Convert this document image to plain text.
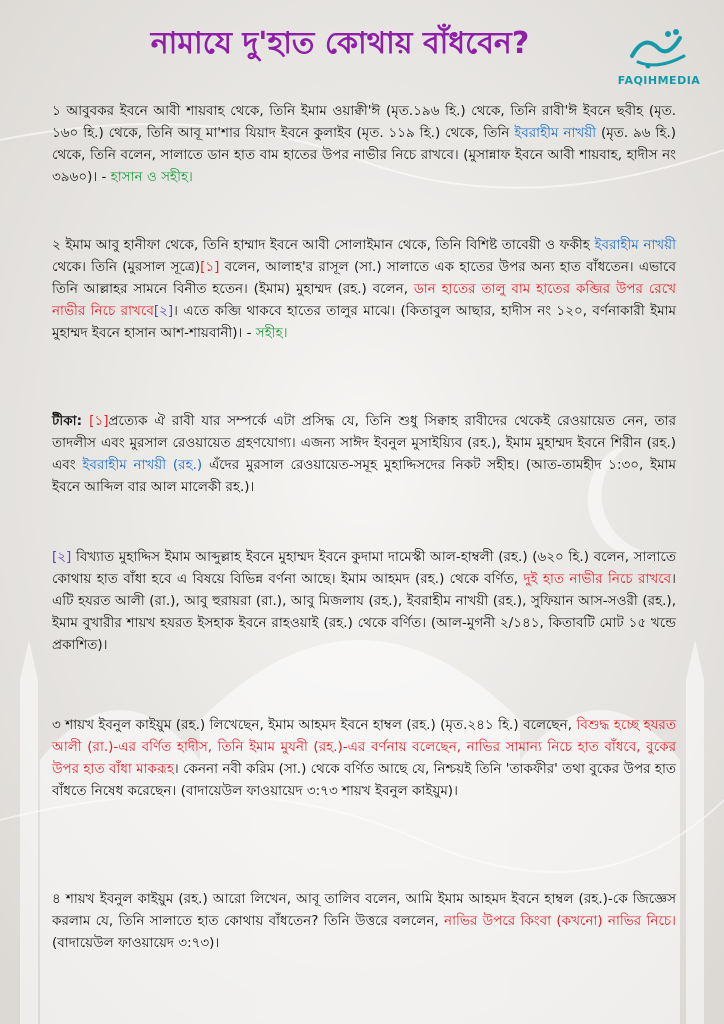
নামাযে দু'হাত কোথায় বাঁধবেন?
FAQIHMEDIA

১ আবুবকর ইবনে আবী শায়বাহ থেকে, তিনি ইমাম ওয়াক্বী'ঈ (মৃত.১৯৬ হি.) থেকে, তিনি রাবী'ঈ ইবনে ছবীহ (মৃত. ১৬০ হি.) থেকে, তিনি আবূ মা'শার যিয়াদ ইবনে কুলাইব (মৃত. ১১৯ হি.) থেকে, তিনি ইবরাহীম নাখয়ী (মৃত. ৯৬ হি.) থেকে, তিনি বলেন, সালাতে ডান হাত বাম হাতের উপর নাভীর নিচে রাখবে। (মুসান্নাফ ইবনে আবী শায়বাহ, হাদীস নং ৩৯৬০)। - হাসান ও সহীহ।

২ ইমাম আবু হানীফা থেকে, তিনি হাম্মাদ ইবনে আবী সোলাইমান থেকে, তিনি বিশিষ্ট তাবেয়ী ও ফকীহ ইবরাহীম নাখয়ী থেকে। তিনি (মুরসাল সূত্রে)[১] বলেন, আলাহ'র রাসূল (সা.) সালাতে এক হাতের উপর অন্য হাত বাঁধতেন। এভাবে তিনি আল্লাহর সামনে বিনীত হতেন। (ইমাম) মুহাম্মদ (রহ.) বলেন, ডান হাতের তালু বাম হাতের কব্জির উপর রেখে নাভীর নিচে রাখবে[২]। এতে কব্জি থাকবে হাতের তালুর মাঝে। (কিতাবুল আছার, হাদীস নং ১২০, বর্ণনাকারী ইমাম মুহাম্মদ ইবনে হাসান আশ-শায়বানী)। - সহীহ।

টীকা: [১]প্রত্যেক ঐ রাবী যার সম্পর্কে এটা প্রসিদ্ধ যে, তিনি শুধু সিক্বাহ রাবীদের থেকেই রেওয়ায়েত নেন, তার তাদলীস এবং মুরসাল রেওয়ায়েত গ্রহণযোগ্য। এজন্য সাঈদ ইবনুল মুসাইয়্যিব (রহ.), ইমাম মুহাম্মদ ইবনে শিরীন (রহ.) এবং ইবরাহীম নাখয়ী (রহ.) এঁদের মুরসাল রেওয়ায়েত-সমূহ মুহাদ্দিসদের নিকট সহীহ। (আত-তামহীদ ১:৩০, ইমাম ইবনে আব্দিল বার আল মালেকী রহ.)।

[২] বিখ্যাত মুহাদ্দিস ইমাম আব্দুল্লাহ ইবনে মুহাম্মদ ইবনে কুদামা দামেস্কী আল-হাম্বলী (রহ.) (৬২০ হি.) বলেন, সালাতে কোথায় হাত বাঁধা হবে এ বিষয়ে বিভিন্ন বর্ণনা আছে। ইমাম আহমদ (রহ.) থেকে বর্ণিত, দুই হাত নাভীর নিচে রাখবে। এটি হযরত আলী (রা.), আবু হুরায়রা (রা.), আবু মিজলায (রহ.), ইবরাহীম নাখয়ী (রহ.), সুফিয়ান আস-সওরী (রহ.), ইমাম বুখারীর শায়খ হযরত ইসহাক ইবনে রাহওয়াই (রহ.) থেকে বর্ণিত। (আল-মুগনী ২/১৪১, কিতাবটি মোট ১৫ খন্ডে প্রকাশিত)।

৩ শায়খ ইবনুল কাইয়ুম (রহ.) লিখেছেন, ইমাম আহমদ ইবনে হাম্বল (রহ.) (মৃত.২৪১ হি.) বলেছেন, বিশুদ্ধ হচ্ছে হযরত আলী (রা.)-এর বর্ণিত হাদীস, তিনি ইমাম মুযনী (রহ.)-এর বর্ণনায় বলেছেন, নাভির সামান্য নিচে হাত বাঁধবে, বুকের উপর হাত বাঁধা মাকরূহ। কেননা নবী করিম (সা.) থেকে বর্ণিত আছে যে, নিশ্চয়ই তিনি 'তাকফীর' তথা বুকের উপর হাত বাঁধতে নিষেধ করেছেন। (বাদায়েউল ফাওয়ায়েদ ৩:৭৩ শায়খ ইবনুল কাইয়ুম)।

৪ শায়খ ইবনুল কাইয়ুম (রহ.) আরো লিখেন, আবূ তালিব বলেন, আমি ইমাম আহমদ ইবনে হাম্বল (রহ.)-কে জিজ্ঞেস করলাম যে, তিনি সালাতে হাত কোথায় বাঁধতেন? তিনি উত্তরে বললেন, নাভির উপরে কিংবা (কখনো) নাভির নিচে। (বাদায়েউল ফাওয়ায়েদ ৩:৭৩)।
